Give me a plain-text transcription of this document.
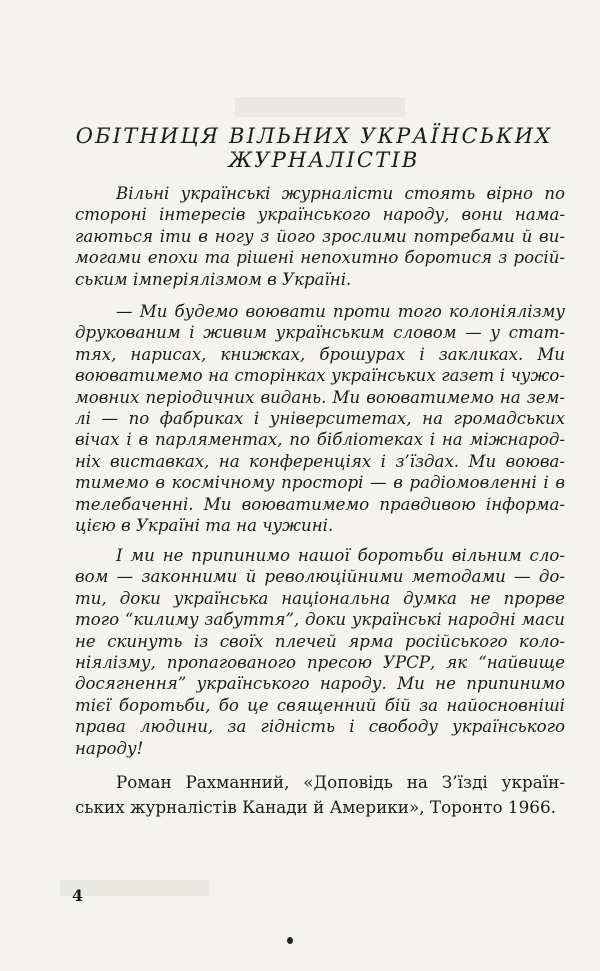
ОБІТНИЦЯ ВІЛЬНИХ УКРАЇНСЬКИХ
ЖУРНАЛІСТІВ

Вільні українські журналісти стоять вірно по стороні інтересів українського народу, вони намагаються іти в ногу з його зрослими потребами й вимогами епохи та рішені непохитно боротися з російським імперіялізмом в Україні.

— Ми будемо воювати проти того колоніялізму друкованим і живим українським словом — у статтях, нарисах, книжках, брошурах і закликах. Ми воюватимемо на сторінках українських газет і чужомовних періодичних видань. Ми воюватимемо на землі — по фабриках і університетах, на громадських вічах і в парляментах, по бібліотеках і на міжнародніх виставках, на конференціях і з’їздах. Ми воюватимемо в космічному просторі — в радіомовленні і в телебаченні. Ми воюватимемо правдивою інформацією в Україні та на чужині.

І ми не припинимо нашої боротьби вільним словом — законними й революційними методами — доти, доки українська національна думка не прорве того “килиму забуття”, доки українські народні маси не скинуть із своїх плечей ярма російського колоніялізму, пропагованого пресою УРСР, як “найвище досягнення” українського народу. Ми не припинимо тієї боротьби, бо це священний бій за найосновніші права людини, за гідність і свободу українського народу!

Роман Рахманний, «Доповідь на З’їзді українських журналістів Канади й Америки», Торонто 1966.

4
